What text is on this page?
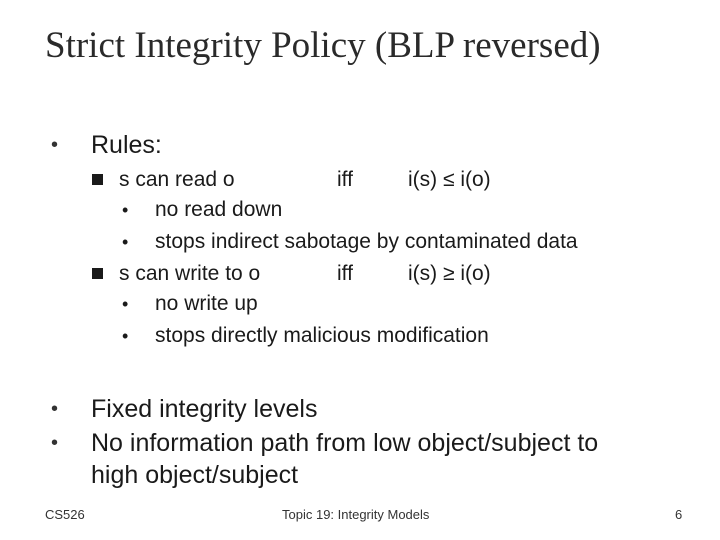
Strict Integrity Policy (BLP reversed)
• Rules:
s can read o	iff	i(s) ≤ i(o)
• no read down
• stops indirect sabotage by contaminated data
s can write to o	iff	i(s) ≥ i(o)
• no write up
• stops directly malicious modification
• Fixed integrity levels
• No information path from low object/subject to
high object/subject
CS526	Topic 19: Integrity Models	6
